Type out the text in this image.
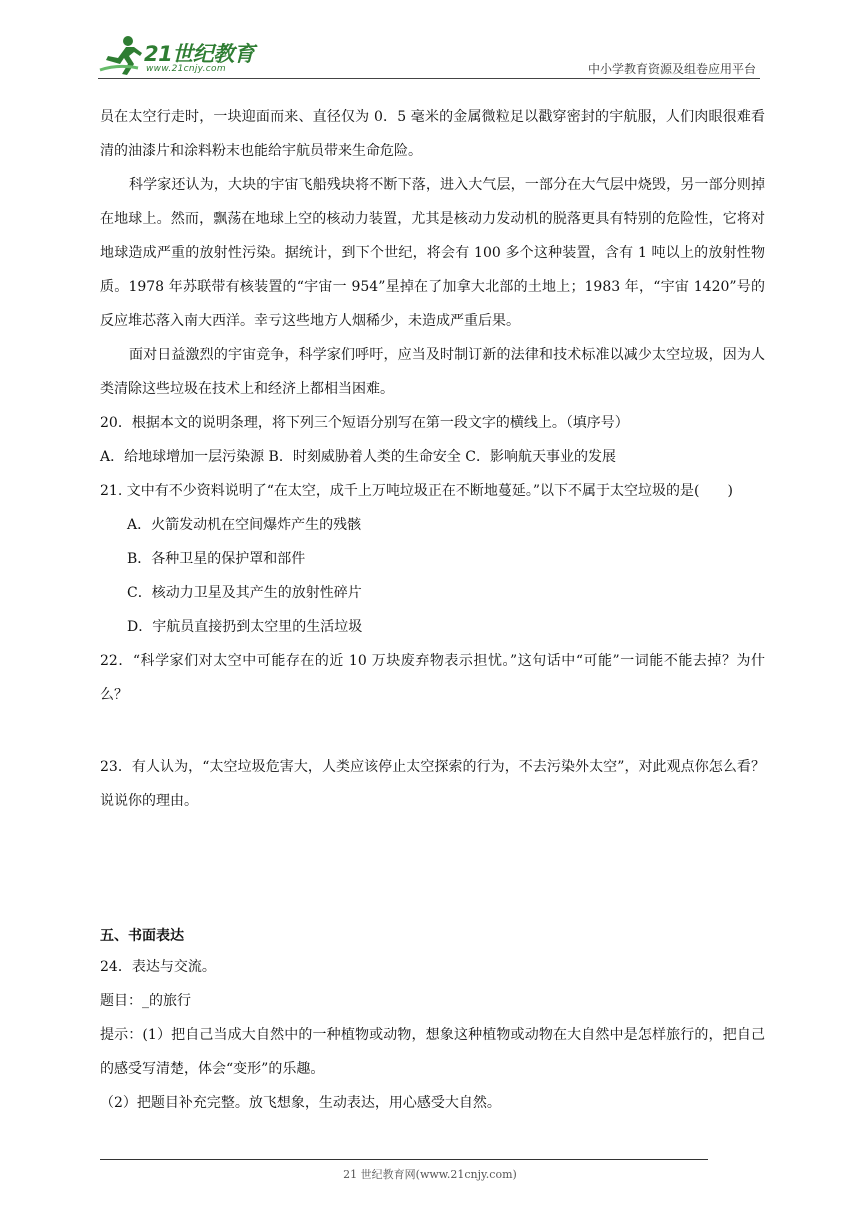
21世纪教育
www.21cnjy.com	中小学教育资源及组卷应用平台

员在太空行走时，一块迎面而来、直径仅为 0．5 毫米的金属微粒足以戳穿密封的宇航服，人们肉眼很难看清的油漆片和涂料粉末也能给宇航员带来生命危险。

科学家还认为，大块的宇宙飞船残块将不断下落，进入大气层，一部分在大气层中烧毁，另一部分则掉在地球上。然而，飘荡在地球上空的核动力装置，尤其是核动力发动机的脱落更具有特别的危险性，它将对地球造成严重的放射性污染。据统计，到下个世纪，将会有 100 多个这种装置，含有 1 吨以上的放射性物质。1978 年苏联带有核装置的“宇宙一 954”星掉在了加拿大北部的土地上；1983 年，“宇宙 1420”号的反应堆芯落入南大西洋。幸亏这些地方人烟稀少，未造成严重后果。

面对日益激烈的宇宙竞争，科学家们呼吁，应当及时制订新的法律和技术标准以减少太空垃圾，因为人类清除这些垃圾在技术上和经济上都相当困难。

20．根据本文的说明条理，将下列三个短语分别写在第一段文字的横线上。（填序号）

A．给地球增加一层污染源 B．时刻威胁着人类的生命安全 C．影响航天事业的发展

21. 文中有不少资料说明了“在太空，成千上万吨垃圾正在不断地蔓延。”以下不属于太空垃圾的是(　　)

A．火箭发动机在空间爆炸产生的残骸

B．各种卫星的保护罩和部件

C．核动力卫星及其产生的放射性碎片

D．宇航员直接扔到太空里的生活垃圾

22．“科学家们对太空中可能存在的近 10 万块废弃物表示担忧。”这句话中“可能”一词能不能去掉？为什么？

23．有人认为，“太空垃圾危害大，人类应该停止太空探索的行为，不去污染外太空”，对此观点你怎么看？说说你的理由。

五、书面表达

24．表达与交流。

题目：_的旅行

提示：(1）把自己当成大自然中的一种植物或动物，想象这种植物或动物在大自然中是怎样旅行的，把自己的感受写清楚，体会“变形”的乐趣。

（2）把题目补充完整。放飞想象，生动表达，用心感受大自然。

21 世纪教育网(www.21cnjy.com)
